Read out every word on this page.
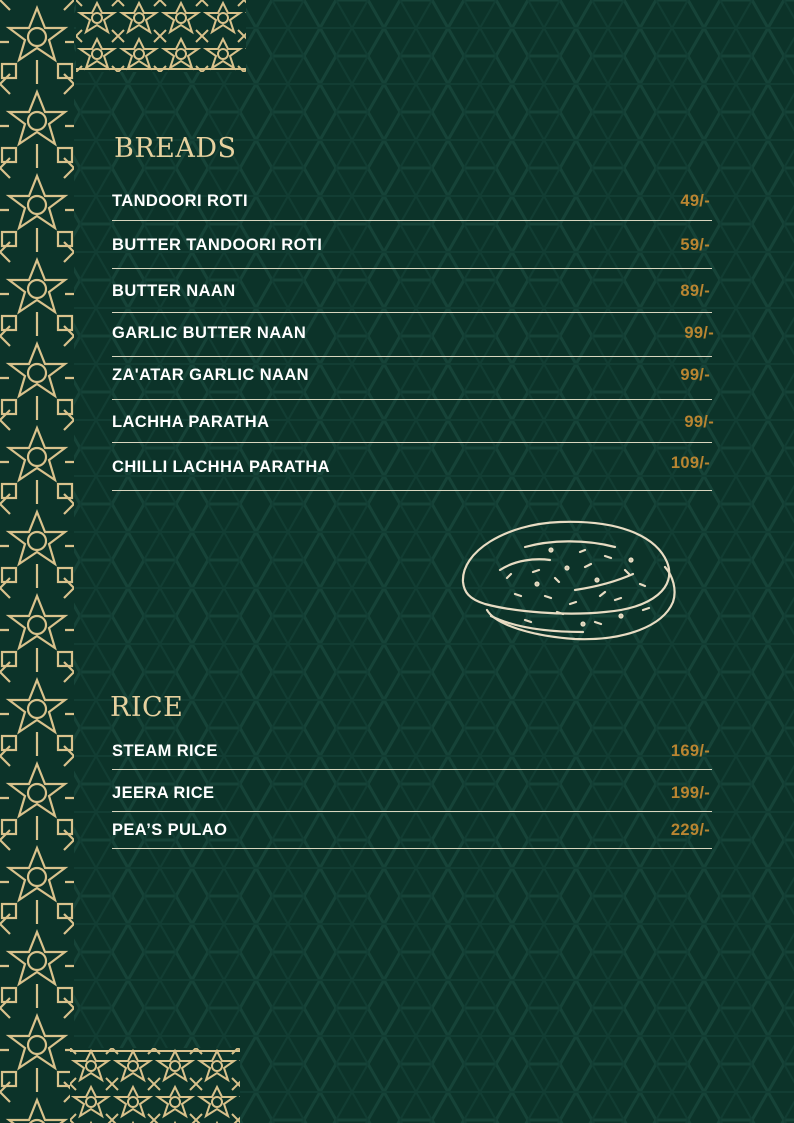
BREADS
TANDOORI ROTI	49/-
BUTTER TANDOORI ROTI	59/-
BUTTER NAAN	89/-
GARLIC BUTTER NAAN	99/-
ZA'ATAR GARLIC NAAN	99/-
LACHHA PARATHA	99/-
CHILLI LACHHA PARATHA	109/-
RICE
STEAM RICE	169/-
JEERA RICE	199/-
PEA’S PULAO	229/-
